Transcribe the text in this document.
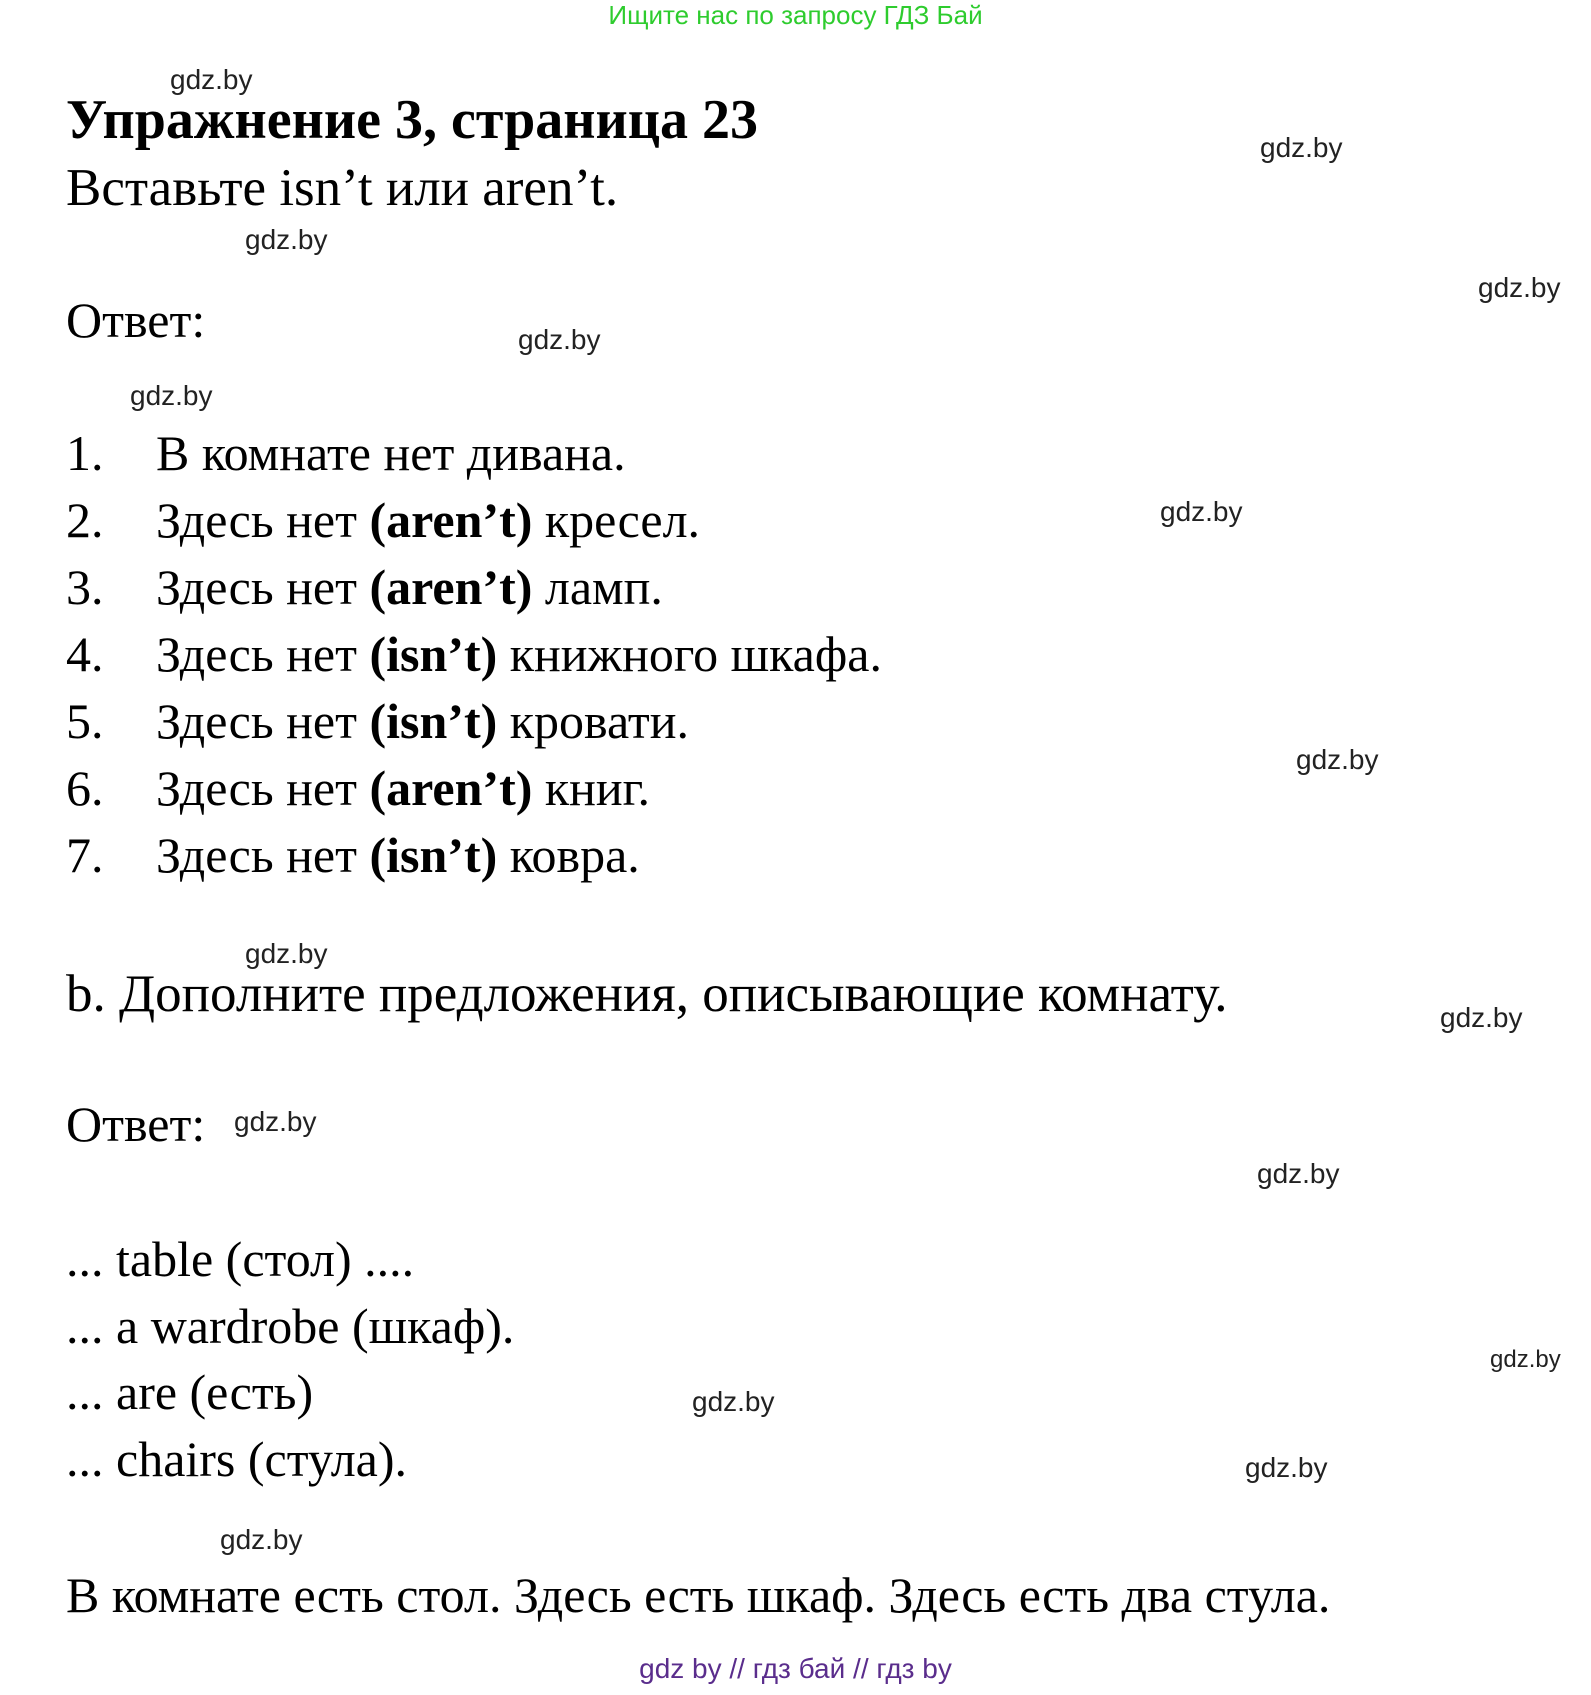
Ищите нас по запросу ГДЗ Бай
gdz.by
gdz.by
gdz.by
gdz.by
gdz.by
gdz.by
gdz.by
gdz.by
gdz.by
gdz.by
gdz.by
gdz.by
gdz.by
gdz.by
gdz.by
gdz.by
Упражнение 3, страница 23
Вставьте isn’t или aren’t.
Ответ:
1. В комнате нет дивана.
2. Здесь нет (aren’t) кресел.
3. Здесь нет (aren’t) ламп.
4. Здесь нет (isn’t) книжного шкафа.
5. Здесь нет (isn’t) кровати.
6. Здесь нет (aren’t) книг.
7. Здесь нет (isn’t) ковра.
b. Дополните предложения, описывающие комнату.
Ответ:
... table (стол) ....
... a wardrobe (шкаф).
... are (есть)
... chairs (стула).
В комнате есть стол. Здесь есть шкаф. Здесь есть два стула.
gdz by // гдз бай // гдз by
